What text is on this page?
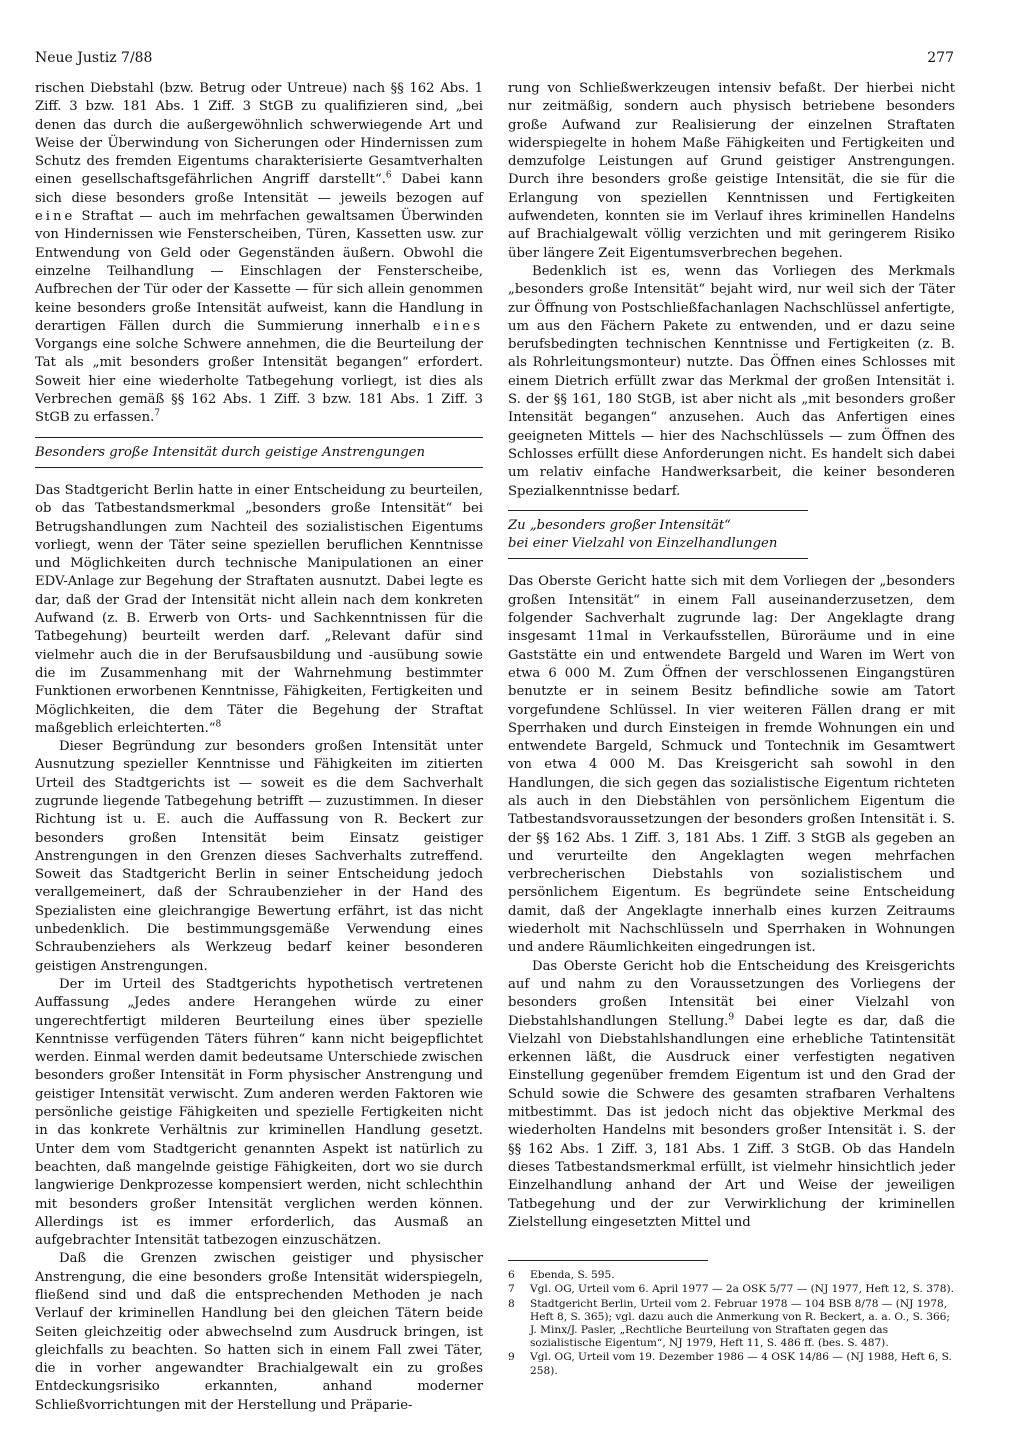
Neue Justiz 7/88	277

rischen Diebstahl (bzw. Betrug oder Untreue) nach §§ 162 Abs. 1 Ziff. 3 bzw. 181 Abs. 1 Ziff. 3 StGB zu qualifizieren sind, „bei denen das durch die außergewöhnlich schwerwiegende Art und Weise der Überwindung von Sicherungen oder Hindernissen zum Schutz des fremden Eigentums charakterisierte Gesamtverhalten einen gesellschaftsgefährlichen Angriff darstellt“.$^6$ Dabei kann sich diese besonders große Intensität — jeweils bezogen auf eine Straftat — auch im mehrfachen gewaltsamen Überwinden von Hindernissen wie Fensterscheiben, Türen, Kassetten usw. zur Entwendung von Geld oder Gegenständen äußern. Obwohl die einzelne Teilhandlung — Einschlagen der Fensterscheibe, Aufbrechen der Tür oder der Kassette — für sich allein genommen keine besonders große Intensität aufweist, kann die Handlung in derartigen Fällen durch die Summierung innerhalb eines Vorgangs eine solche Schwere annehmen, die die Beurteilung der Tat als „mit besonders großer Intensität begangen“ erfordert. Soweit hier eine wiederholte Tatbegehung vorliegt, ist dies als Verbrechen gemäß §§ 162 Abs. 1 Ziff. 3 bzw. 181 Abs. 1 Ziff. 3 StGB zu erfassen.$^7$

Besonders große Intensität durch geistige Anstrengungen

Das Stadtgericht Berlin hatte in einer Entscheidung zu beurteilen, ob das Tatbestandsmerkmal „besonders große Intensität“ bei Betrugshandlungen zum Nachteil des sozialistischen Eigentums vorliegt, wenn der Täter seine speziellen beruflichen Kenntnisse und Möglichkeiten durch technische Manipulationen an einer EDV-Anlage zur Begehung der Straftaten ausnutzt. Dabei legte es dar, daß der Grad der Intensität nicht allein nach dem konkreten Aufwand (z. B. Erwerb von Orts- und Sachkenntnissen für die Tatbegehung) beurteilt werden darf. „Relevant dafür sind vielmehr auch die in der Berufsausbildung und -ausübung sowie die im Zusammenhang mit der Wahrnehmung bestimmter Funktionen erworbenen Kenntnisse, Fähigkeiten, Fertigkeiten und Möglichkeiten, die dem Täter die Begehung der Straftat maßgeblich erleichterten.“$^8$

Dieser Begründung zur besonders großen Intensität unter Ausnutzung spezieller Kenntnisse und Fähigkeiten im zitierten Urteil des Stadtgerichts ist — soweit es die dem Sachverhalt zugrunde liegende Tatbegehung betrifft — zuzustimmen. In dieser Richtung ist u. E. auch die Auffassung von R. Beckert zur besonders großen Intensität beim Einsatz geistiger Anstrengungen in den Grenzen dieses Sachverhalts zutreffend. Soweit das Stadtgericht Berlin in seiner Entscheidung jedoch verallgemeinert, daß der Schraubenzieher in der Hand des Spezialisten eine gleichrangige Bewertung erfährt, ist das nicht unbedenklich. Die bestimmungsgemäße Verwendung eines Schraubenziehers als Werkzeug bedarf keiner besonderen geistigen Anstrengungen.

Der im Urteil des Stadtgerichts hypothetisch vertretenen Auffassung „Jedes andere Herangehen würde zu einer ungerechtfertigt milderen Beurteilung eines über spezielle Kenntnisse verfügenden Täters führen“ kann nicht beigepflichtet werden. Einmal werden damit bedeutsame Unterschiede zwischen besonders großer Intensität in Form physischer Anstrengung und geistiger Intensität verwischt. Zum anderen werden Faktoren wie persönliche geistige Fähigkeiten und spezielle Fertigkeiten nicht in das konkrete Verhältnis zur kriminellen Handlung gesetzt. Unter dem vom Stadtgericht genannten Aspekt ist natürlich zu beachten, daß mangelnde geistige Fähigkeiten, dort wo sie durch langwierige Denkprozesse kompensiert werden, nicht schlechthin mit besonders großer Intensität verglichen werden können. Allerdings ist es immer erforderlich, das Ausmaß an aufgebrachter Intensität tatbezogen einzuschätzen.

Daß die Grenzen zwischen geistiger und physischer Anstrengung, die eine besonders große Intensität widerspiegeln, fließend sind und daß die entsprechenden Methoden je nach Verlauf der kriminellen Handlung bei den gleichen Tätern beide Seiten gleichzeitig oder abwechselnd zum Ausdruck bringen, ist gleichfalls zu beachten. So hatten sich in einem Fall zwei Täter, die in vorher angewandter Brachialgewalt ein zu großes Entdeckungsrisiko erkannten, anhand moderner Schließvorrichtungen mit der Herstellung und Präparie-

rung von Schließwerkzeugen intensiv befaßt. Der hierbei nicht nur zeitmäßig, sondern auch physisch betriebene besonders große Aufwand zur Realisierung der einzelnen Straftaten widerspiegelte in hohem Maße Fähigkeiten und Fertigkeiten und demzufolge Leistungen auf Grund geistiger Anstrengungen. Durch ihre besonders große geistige Intensität, die sie für die Erlangung von speziellen Kenntnissen und Fertigkeiten aufwendeten, konnten sie im Verlauf ihres kriminellen Handelns auf Brachialgewalt völlig verzichten und mit geringerem Risiko über längere Zeit Eigentumsverbrechen begehen.

Bedenklich ist es, wenn das Vorliegen des Merkmals „besonders große Intensität“ bejaht wird, nur weil sich der Täter zur Öffnung von Postschließfachanlagen Nachschlüssel anfertigte, um aus den Fächern Pakete zu entwenden, und er dazu seine berufsbedingten technischen Kenntnisse und Fertigkeiten (z. B. als Rohrleitungsmonteur) nutzte. Das Öffnen eines Schlosses mit einem Dietrich erfüllt zwar das Merkmal der großen Intensität i. S. der §§ 161, 180 StGB, ist aber nicht als „mit besonders großer Intensität begangen“ anzusehen. Auch das Anfertigen eines geeigneten Mittels — hier des Nachschlüssels — zum Öffnen des Schlosses erfüllt diese Anforderungen nicht. Es handelt sich dabei um relativ einfache Handwerksarbeit, die keiner besonderen Spezialkenntnisse bedarf.

Zu „besonders großer Intensität“
bei einer Vielzahl von Einzelhandlungen

Das Oberste Gericht hatte sich mit dem Vorliegen der „besonders großen Intensität“ in einem Fall auseinanderzusetzen, dem folgender Sachverhalt zugrunde lag: Der Angeklagte drang insgesamt 11mal in Verkaufsstellen, Büroräume und in eine Gaststätte ein und entwendete Bargeld und Waren im Wert von etwa 6 000 M. Zum Öffnen der verschlossenen Eingangstüren benutzte er in seinem Besitz befindliche sowie am Tatort vorgefundene Schlüssel. In vier weiteren Fällen drang er mit Sperrhaken und durch Einsteigen in fremde Wohnungen ein und entwendete Bargeld, Schmuck und Tontechnik im Gesamtwert von etwa 4 000 M. Das Kreisgericht sah sowohl in den Handlungen, die sich gegen das sozialistische Eigentum richteten als auch in den Diebstählen von persönlichem Eigentum die Tatbestandsvoraussetzungen der besonders großen Intensität i. S. der §§ 162 Abs. 1 Ziff. 3, 181 Abs. 1 Ziff. 3 StGB als gegeben an und verurteilte den Angeklagten wegen mehrfachen verbrecherischen Diebstahls von sozialistischem und persönlichem Eigentum. Es begründete seine Entscheidung damit, daß der Angeklagte innerhalb eines kurzen Zeitraums wiederholt mit Nachschlüsseln und Sperrhaken in Wohnungen und andere Räumlichkeiten eingedrungen ist.

Das Oberste Gericht hob die Entscheidung des Kreisgerichts auf und nahm zu den Voraussetzungen des Vorliegens der besonders großen Intensität bei einer Vielzahl von Diebstahlshandlungen Stellung.$^9$ Dabei legte es dar, daß die Vielzahl von Diebstahlshandlungen eine erhebliche Tatintensität erkennen läßt, die Ausdruck einer verfestigten negativen Einstellung gegenüber fremdem Eigentum ist und den Grad der Schuld sowie die Schwere des gesamten strafbaren Verhaltens mitbestimmt. Das ist jedoch nicht das objektive Merkmal des wiederholten Handelns mit besonders großer Intensität i. S. der §§ 162 Abs. 1 Ziff. 3, 181 Abs. 1 Ziff. 3 StGB. Ob das Handeln dieses Tatbestandsmerkmal erfüllt, ist vielmehr hinsichtlich jeder Einzelhandlung anhand der Art und Weise der jeweiligen Tatbegehung und der zur Verwirklichung der kriminellen Zielstellung eingesetzten Mittel und

6	Ebenda, S. 595.
7	Vgl. OG, Urteil vom 6. April 1977 — 2a OSK 5/77 — (NJ 1977, Heft 12, S. 378).
8	Stadtgericht Berlin, Urteil vom 2. Februar 1978 — 104 BSB 8/78 — (NJ 1978, Heft 8, S. 365); vgl. dazu auch die Anmerkung von R. Beckert, a. a. O., S. 366; J. Minx/J. Pasler, „Rechtliche Beurteilung von Straftaten gegen das sozialistische Eigentum“, NJ 1979, Heft 11, S. 486 ff. (bes. S. 487).
9	Vgl. OG, Urteil vom 19. Dezember 1986 — 4 OSK 14/86 — (NJ 1988, Heft 6, S. 258).
